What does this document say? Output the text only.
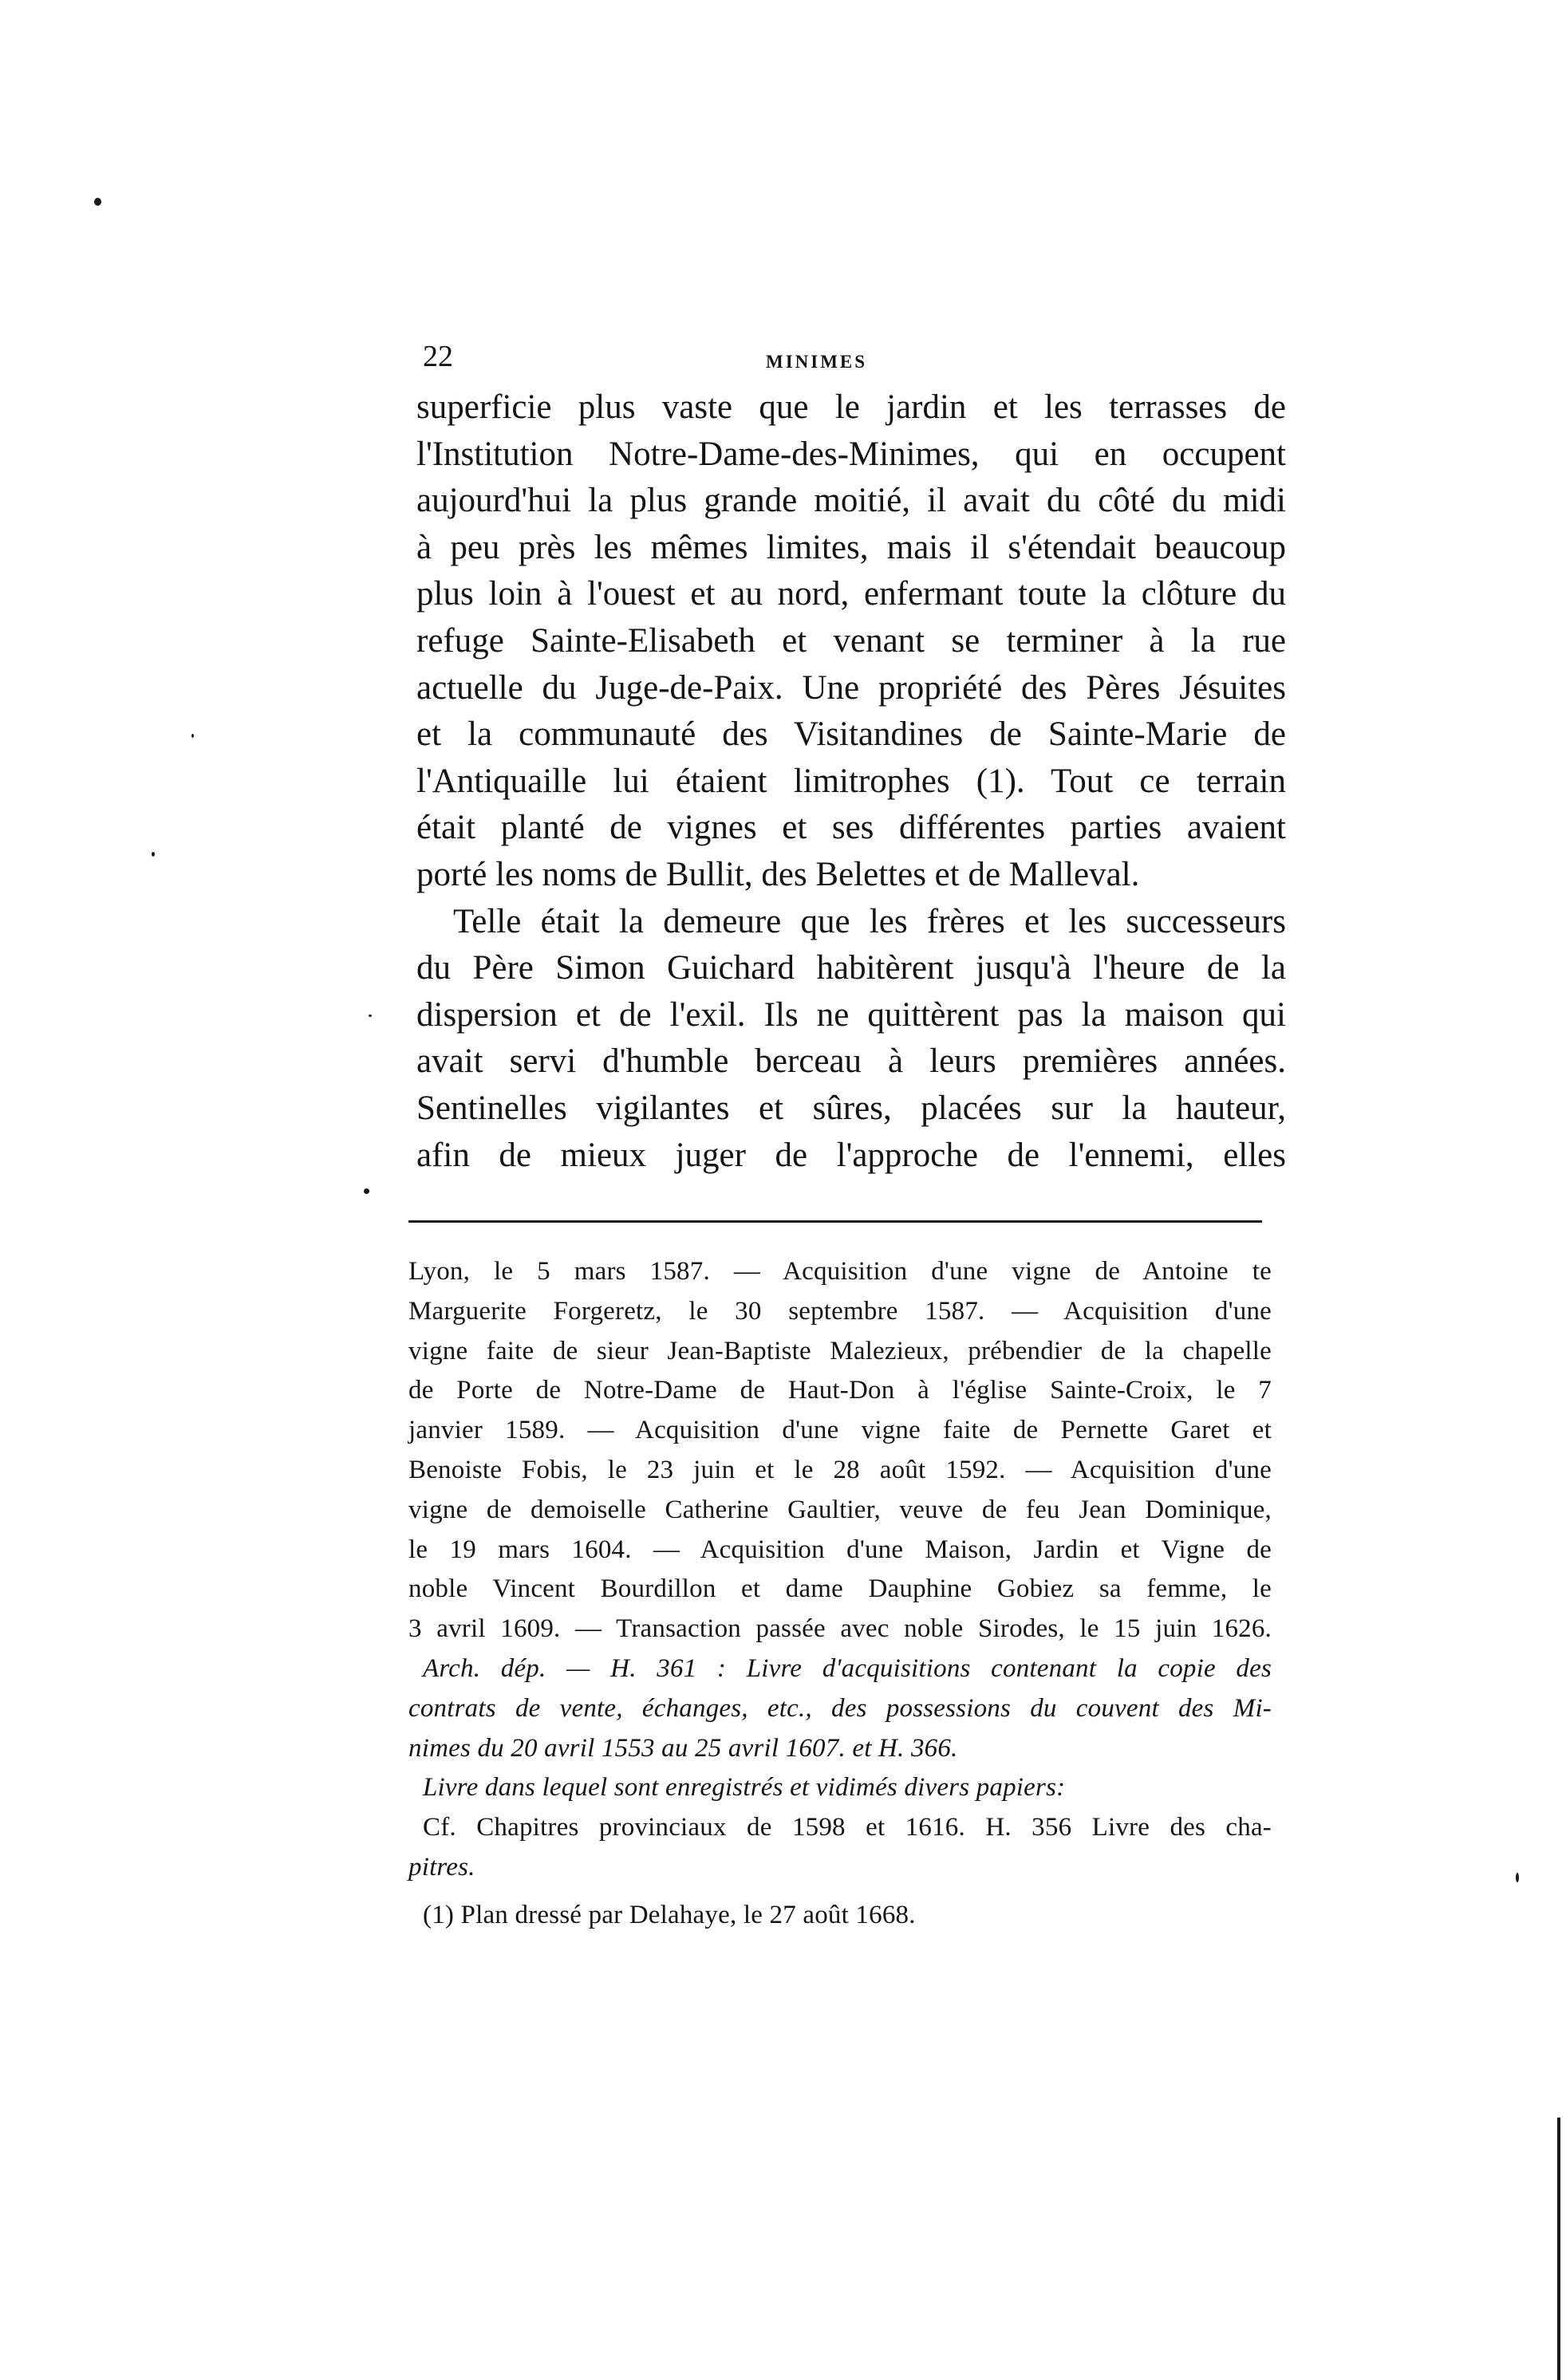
22	MINIMES
superficie plus vaste que le jardin et les terrasses de
l'Institution Notre-Dame-des-Minimes, qui en occupent
aujourd'hui la plus grande moitié, il avait du côté du midi
à peu près les mêmes limites, mais il s'étendait beaucoup
plus loin à l'ouest et au nord, enfermant toute la clôture du
refuge Sainte-Elisabeth et venant se terminer à la rue
actuelle du Juge-de-Paix. Une propriété des Pères Jésuites
et la communauté des Visitandines de Sainte-Marie de
l'Antiquaille lui étaient limitrophes (1). Tout ce terrain
était planté de vignes et ses différentes parties avaient
porté les noms de Bullit, des Belettes et de Malleval.
Telle était la demeure que les frères et les successeurs
du Père Simon Guichard habitèrent jusqu'à l'heure de la
dispersion et de l'exil. Ils ne quittèrent pas la maison qui
avait servi d'humble berceau à leurs premières années.
Sentinelles vigilantes et sûres, placées sur la hauteur,
afin de mieux juger de l'approche de l'ennemi, elles
Lyon, le 5 mars 1587. — Acquisition d'une vigne de Antoine te
Marguerite Forgeretz, le 30 septembre 1587. — Acquisition d'une
vigne faite de sieur Jean-Baptiste Malezieux, prébendier de la chapelle
de Porte de Notre-Dame de Haut-Don à l'église Sainte-Croix, le 7
janvier 1589. — Acquisition d'une vigne faite de Pernette Garet et
Benoiste Fobis, le 23 juin et le 28 août 1592. — Acquisition d'une
vigne de demoiselle Catherine Gaultier, veuve de feu Jean Dominique,
le 19 mars 1604. — Acquisition d'une Maison, Jardin et Vigne de
noble Vincent Bourdillon et dame Dauphine Gobiez sa femme, le
3 avril 1609. — Transaction passée avec noble Sirodes, le 15 juin 1626.
Arch. dép. — H. 361 : Livre d'acquisitions contenant la copie des
contrats de vente, échanges, etc., des possessions du couvent des Mi-
nimes du 20 avril 1553 au 25 avril 1607. et H. 366.
Livre dans lequel sont enregistrés et vidimés divers papiers:
Cf. Chapitres provinciaux de 1598 et 1616. H. 356 Livre des cha-
pitres.
(1) Plan dressé par Delahaye, le 27 août 1668.
